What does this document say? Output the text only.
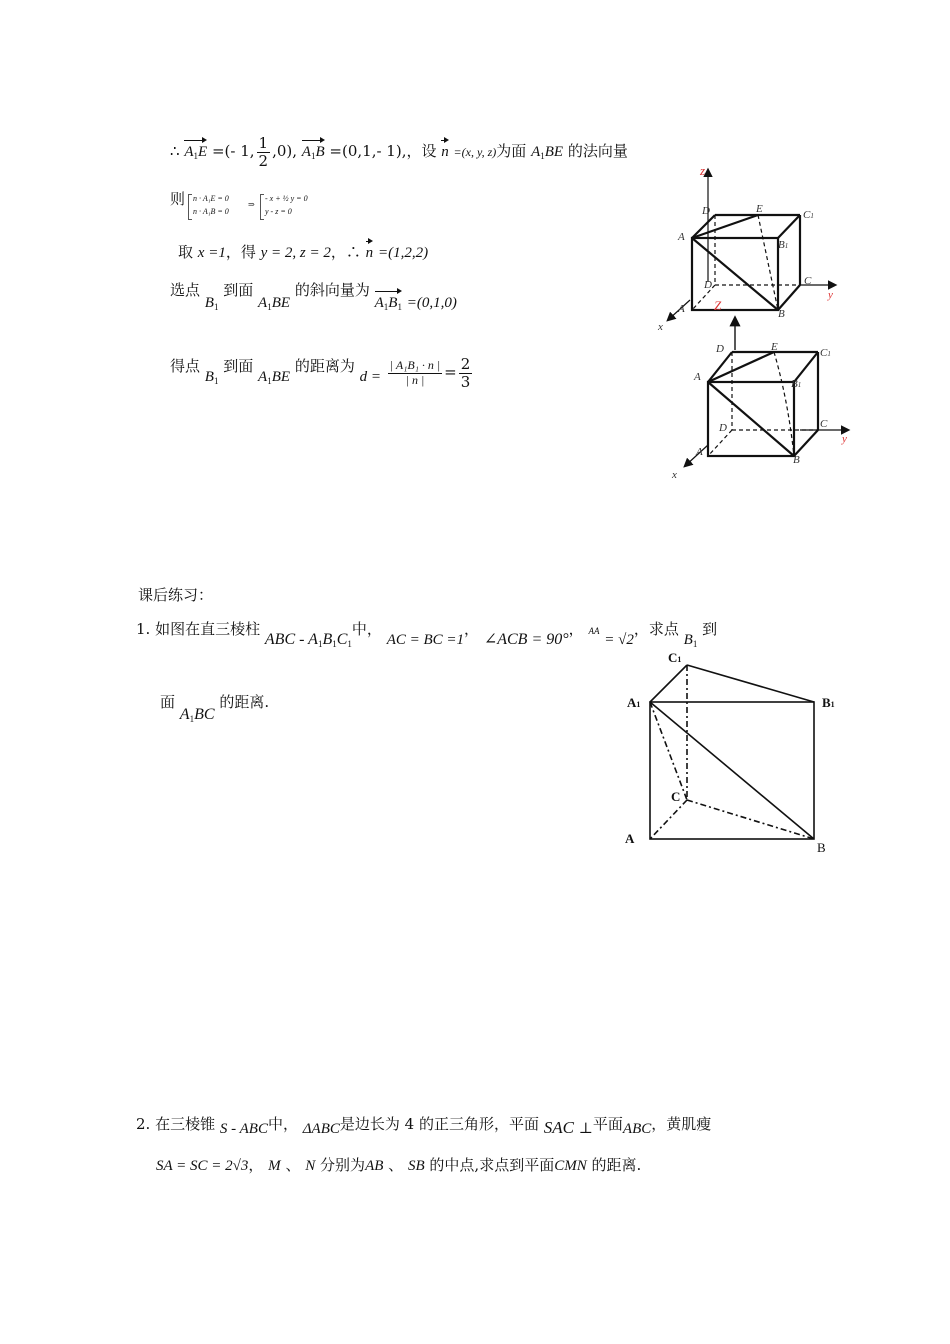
∴ $A_1E$ =(- 1, $\frac{1}{2} ,0$), $A_1B =(0,1,-$ 1),，设 n =(x, y, z)为面 $A_1BE$ 的法向量
则 n · A₁E = 0
n · A₁B = 0
⇒
- x + ½ y = 0
y - z = 0
取 x =1，得 y = 2, z = 2，∴ n =(1,2,2)
选点 $B_1$ 到面 $A_1BE$ 的斜向量为 $A_1B_1 =(0,1,0)$
得点 $B_1$ 到面 $A_1BE$ 的距离为 $d = \frac{\text{| A₁B₁ · n |}}{| n |} = \frac{2}{3}$
z
D	E	C1
A
B1
D	C
y
A	B
Z
x
D	E	C1
A
B1
D	C
y
A
B
x
课后练习：
1. 如图在直三棱柱 ABC - $A_1B_1C_1$中， AC = BC =1， ∠ACB = 90°， AA = √2，求点 $B_1$ 到
面 $A_1BC$ 的距离.
C1
A1	B1
C
A
B
2. 在三棱锥 S - ABC中， ΔABC是边长为 4 的正三角形，平面 SAC ⊥平面ABC，黄肌瘦
SA = SC = 2√3， M 、 N 分别为AB 、 SB 的中点,求点到平面CMN 的距离.
